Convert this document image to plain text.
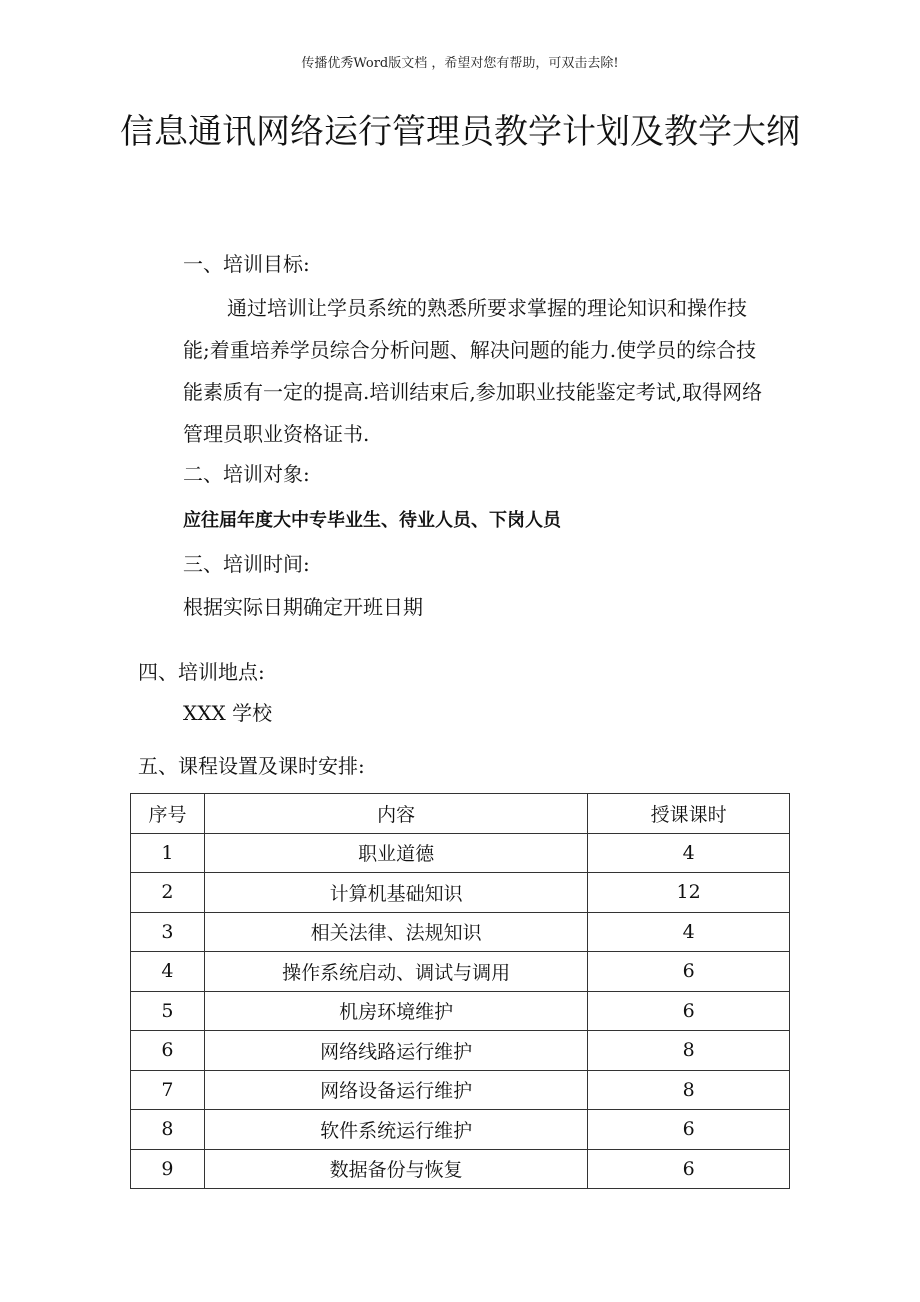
传播优秀Word版文档 ，希望对您有帮助，可双击去除!
信息通讯网络运行管理员教学计划及教学大纲
一、培训目标:
通过培训让学员系统的熟悉所要求掌握的理论知识和操作技能;着重培养学员综合分析问题、解决问题的能力.使学员的综合技能素质有一定的提高.培训结束后,参加职业技能鉴定考试,取得网络管理员职业资格证书.
二、培训对象:
应往届年度大中专毕业生、待业人员、下岗人员
三、培训时间:
根据实际日期确定开班日期
四、培训地点:
XXX 学校
五、课程设置及课时安排:
序号	内容	授课课时
1	职业道德	4
2	计算机基础知识	12
3	相关法律、法规知识	4
4	操作系统启动、调试与调用	6
5	机房环境维护	6
6	网络线路运行维护	8
7	网络设备运行维护	8
8	软件系统运行维护	6
9	数据备份与恢复	6
